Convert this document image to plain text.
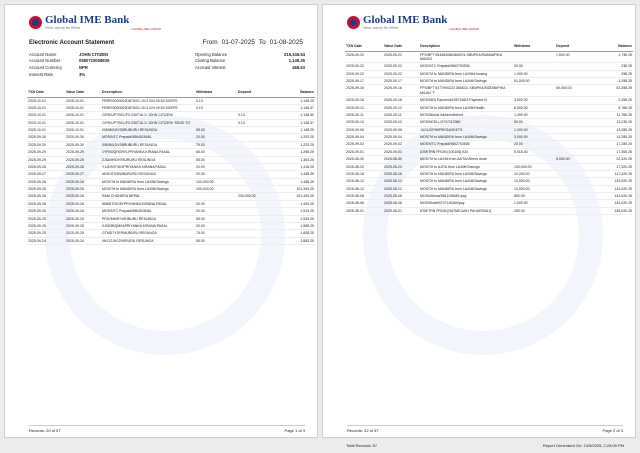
Global IME Bank
ग्लोबल आइएमई बैंक लिमिटेड	GLOBAL IME GROUP
Electronic Account Statement	From 01-07-2025 To 01-08-2025
Account Name	JOHN CITIZEN
Account Number	0580710008935
Account Currency	NPR
Interest Rate	3%
Opening Balance	215,346.54
Closing Balance	1,148.25
Accrued Interest	468.63
TXN Date	Value Date	Description	Withdraw	Deposit	Balance
2025-10-01	2025-10-01	FRRR/0000003DB75/01-10-3 024 09:52:32/EPS	0.13		1,148.25
2025-10-01	2025-10-01	FRRR/0000003DB75/01-10-3 024 09:52:32/EPS	0.13		1,148.37
2025-10-01	2025-10-01	CIPS/UPTSEL/FV-236716-1/ JOHN CITIZEN/		0.13	1,148.50
2025-10-01	2025-10-01	CIPS/UPTSEL/FV-236716-1/ JOHN CITIZEN/ 'SEND TO'		0.13	1,148.37
2025-10-01	2025-10-01	0060MLDVS8RUBURU RESUNGA	55.00		1,148.25
2025-09-30	2025-09-30	MOS/NTC Prepaid/9864528461	20.00		1,203.25
2025-09-30	2025-09-30	0060MLDVS8RUBURU RESUNGA	75.00		1,223.25
2025-09-29	2025-09-29	1YFBOQHGRYLPRYANKA KIRANA PASAL	65.00		1,298.25
2025-09-29	2025-09-29	2J5A9HIDH75URURU RESUNGA	55.00		1,363.25
2025-09-28	2025-09-28	Y1JDS9T3H2PRIYANKA KIRANA PASAL	20.00		1,418.25
2025-09-27	2025-09-27	4E4DITH2IWBURURU RESUNGA	20.00		1,438.25
2025-09-26	2025-09-26	MOS/Trf to MANDIRA from LAXMI/Savings	100,000.00		1,458.25
2025-09-26	2025-09-26	MOS/Trf to MANDIRA from LAXMI/Savings	100,000.00		101,493.25
2025-09-26	2025-09-26	RAM CHANDRA NEPAL		200,000.00	201,493.25
2025-09-26	2025-09-26	8M6DTDIO5YPRIYANKA KIRANA PASAL	20.00		1,493.25
2025-09-26	2025-09-26	MOS/NTC Prepaid/9864528461	20.00		1,513.25
2025-09-25	2025-09-25	PF6VMMR74SHBURU RESUNGA	55.00		1,533.25
2025-09-25	2025-09-25	KJ0K5BQM0APRIYANKA KIRANA PASAL	20.00		1,588.25
2025-09-25	2025-09-25	GTMD7Y2FRMUBURU RESUNGA	75.00		1,608.25
2025-09-24	2025-09-24	IWJ1ZJVO29SRURU RESUNGA	55.00		1,683.25
Records: 20 of 57	Page 1 of 3
Global IME Bank
ग्लोबल आइएमई बैंक लिमिटेड	GLOBAL IME GROUP
TXN Date	Value Date	Description	Withdraw	Deposit	Balance
2025-09-22	2025-09-22	FPS/BFT 554484086366SOL SBNPKA/SNAMAPIKA MANOJ		1,500.00	1,738.25
2025-09-22	2025-09-22	MOS/NTC Prepaid/9862753536	20.00		238.25
2025-09-22	2025-09-22	MOS/Trf to MANDIRA from LAXMI/Housing	1,000.00		258.25
2025-09-17	2025-09-17	MOS/Trf to MANDIRA from LAXMI/Savings	51,000.00		1,258.25
2025-09-16	2025-09-16	FPS/BFT 5477990223 366SOL SBNPKA/SIDDINIPIKA MILAN 'T'		50,000.00	52,258.25
2025-09-16	2025-09-16	MOS/NEA Payment/15571NEA Payment N	3,500.00		2,258.25
2025-09-12	2025-09-12	MOS/Trf to MANDIRA from LAXMI/Health	6,000.00		5,766.25
2025-09-11	2025-09-11	MOS/WorldLink/laxmi/bihnd	1,499.00		11,766.25
2025-09-10	2025-09-10	MOS/NCELL/9707113360	50.00		13,235.25
2025-09-06	2025-09-06	JUGUORIMPRKSAOKETS	1,000.00		13,285.25
2025-09-04	2025-09-04	MOS/Trf to MANDIRA from LAXMI/Savings	3,000.00		14,285.25
2025-09-02	2025-09-02	MOS/NTC Prepaid/9862753536	20.00		17,285.25
2025-09-01	2025-09-01	ATM/TRN FROM [100105] KAI	5,015.00		17,305.25
2025-08-30	2025-08-30	MOS/Trf to LAXMI from AJITA/Others done		5,000.00	22,320.25
2025-08-20	2025-08-20	MOS/Trf to AJITA from LAXMI/Savings	100,000.00		17,320.25
2025-08-18	2025-08-18	MOS/Trf to MANDIRA from LAXMI/Savings	10,200.00		117,320.25
2025-08-12	2025-08-12	MOS/Trf to MANDIRA from LAXMI/Savings	10,000.00		133,520.25
2025-08-12	2025-08-12	MOS/Trf to MANDIRA from LAXMI/Savings	10,000.00		143,020.25
2025-08-08	2025-08-08	MOS/eSewa/9841198681/pay	800.00		143,020.25
2025-08-06	2025-08-06	MOS/Khalti/9707115360/pay	1,000.00		144,020.25
2025-08-01	2025-08-01	ATM/TRN FROM [HATMICASH PAHARISALI]	250.00		145,020.25
Records: 42 of 57	Page 2 of 3
Total Records: 57	Report Generated On: 10/5/2025, 2:28:05 PM
